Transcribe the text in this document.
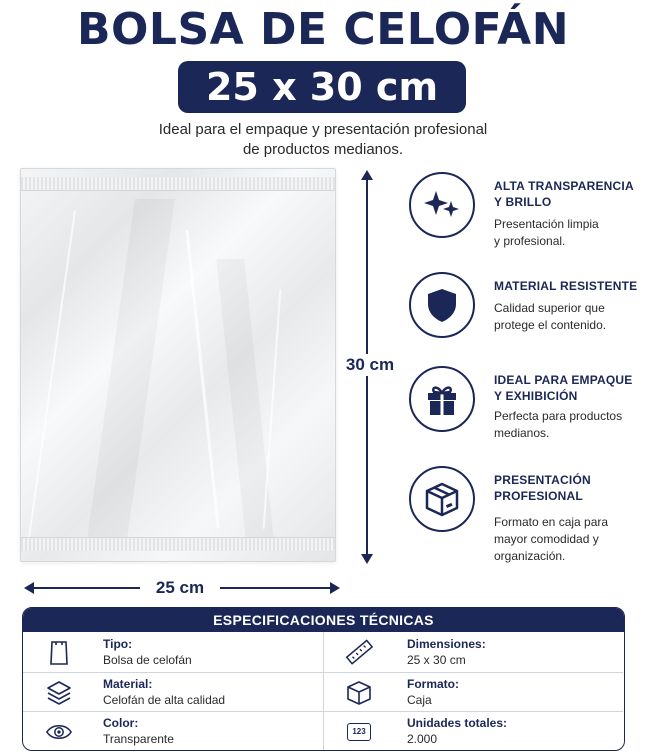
BOLSA DE CELOFÁN
25 x 30 cm
Ideal para el empaque y presentación profesional
de productos medianos.
30 cm
25 cm
ALTA TRANSPARENCIA
Y BRILLO
Presentación limpia
y profesional.
MATERIAL RESISTENTE
Calidad superior que
protege el contenido.
IDEAL PARA EMPAQUE
Y EXHIBICIÓN
Perfecta para productos
medianos.
PRESENTACIÓN
PROFESIONAL
Formato en caja para
mayor comodidad y
organización.
ESPECIFICACIONES TÉCNICAS
Tipo:
Bolsa de celofán
Dimensiones:
25 x 30 cm
Material:
Celofán de alta calidad
Formato:
Caja
Color:
Transparente
123
Unidades totales:
2.000
